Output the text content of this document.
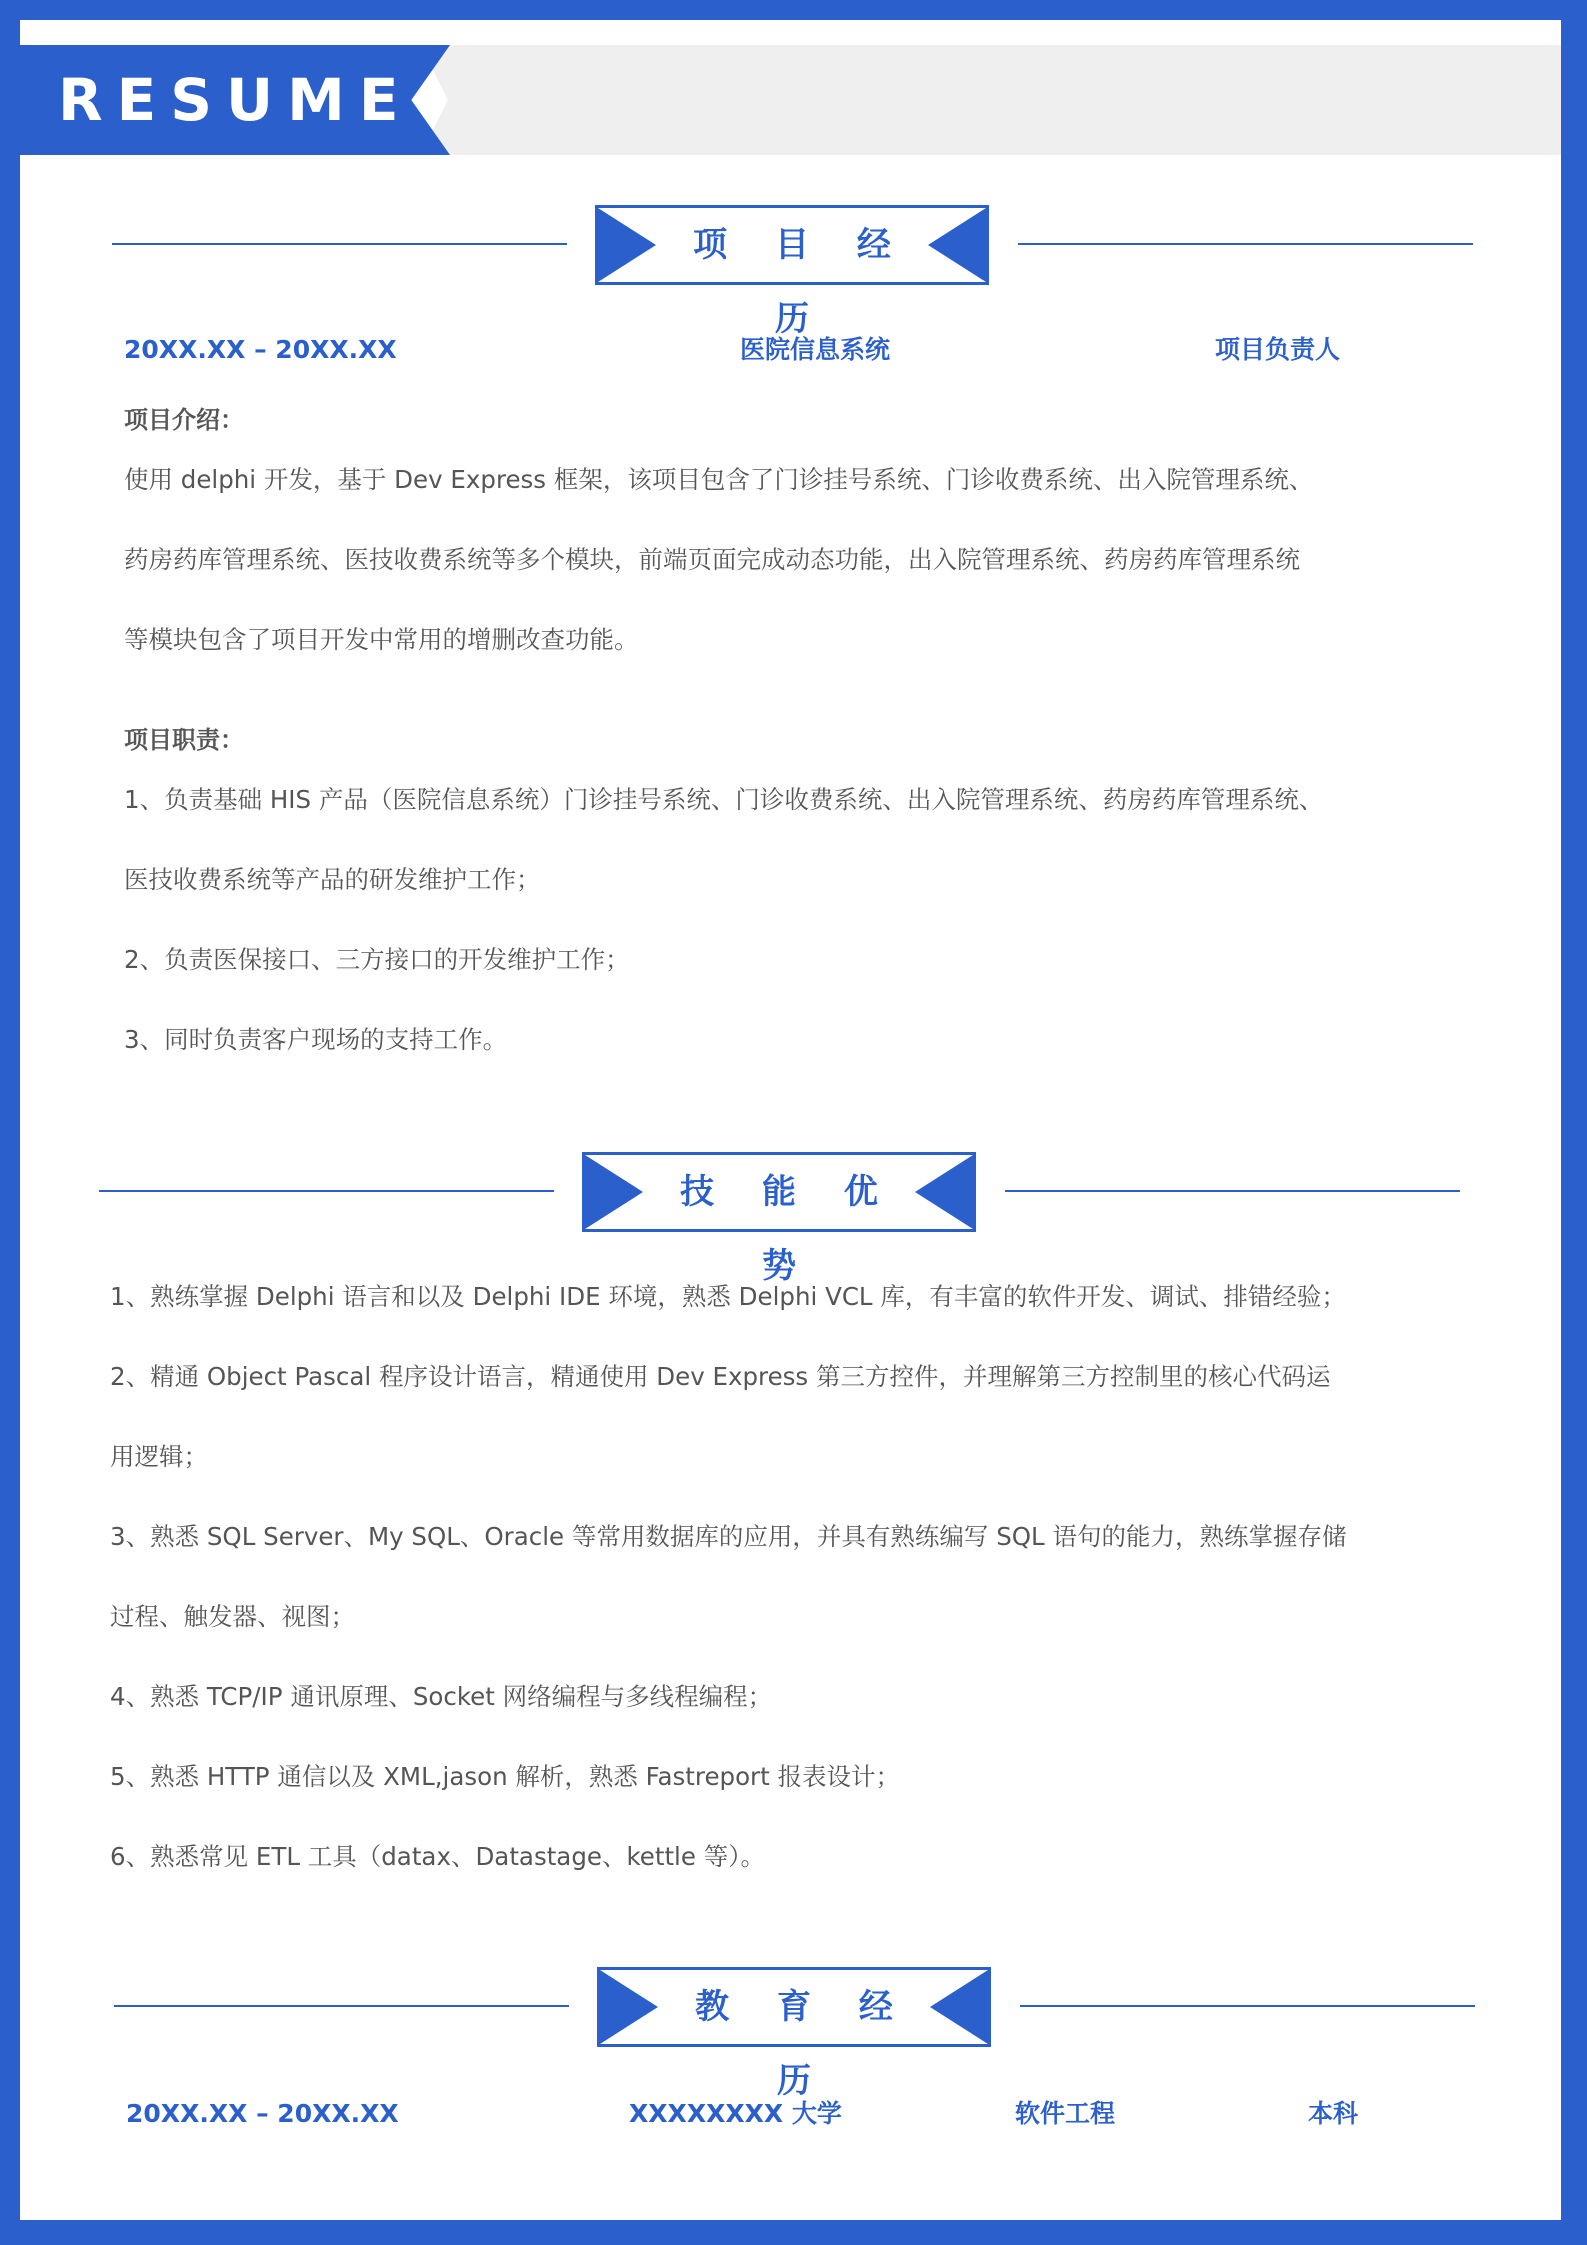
RESUME
项 目 经 历
20XX.XX – 20XX.XX	医院信息系统	项目负责人
项目介绍：
使用 delphi 开发，基于 Dev Express 框架，该项目包含了门诊挂号系统、门诊收费系统、出入院管理系统、
药房药库管理系统、医技收费系统等多个模块，前端页面完成动态功能，出入院管理系统、药房药库管理系统
等模块包含了项目开发中常用的增删改查功能。
项目职责：
1、负责基础 HIS 产品（医院信息系统）门诊挂号系统、门诊收费系统、出入院管理系统、药房药库管理系统、
医技收费系统等产品的研发维护工作；
2、负责医保接口、三方接口的开发维护工作；
3、同时负责客户现场的支持工作。
技 能 优 势
1、熟练掌握 Delphi 语言和以及 Delphi IDE 环境，熟悉 Delphi VCL 库，有丰富的软件开发、调试、排错经验；
2、精通 Object Pascal 程序设计语言，精通使用 Dev Express 第三方控件，并理解第三方控制里的核心代码运
用逻辑；
3、熟悉 SQL Server、My SQL、Oracle 等常用数据库的应用，并具有熟练编写 SQL 语句的能力，熟练掌握存储
过程、触发器、视图；
4、熟悉 TCP/IP 通讯原理、Socket 网络编程与多线程编程；
5、熟悉 HTTP 通信以及 XML,jason 解析，熟悉 Fastreport 报表设计；
6、熟悉常见 ETL 工具（datax、Datastage、kettle 等）。
教 育 经 历
20XX.XX – 20XX.XX	XXXXXXXX 大学	软件工程	本科
